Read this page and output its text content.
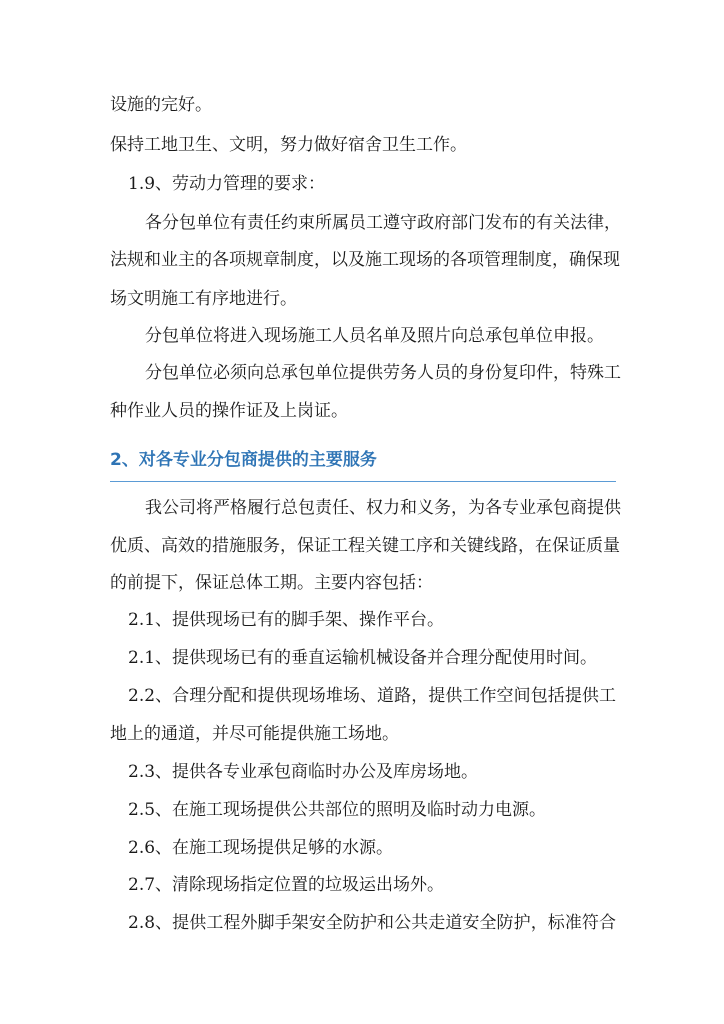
设施的完好。
保持工地卫生、文明，努力做好宿舍卫生工作。
1.9、劳动力管理的要求：
各分包单位有责任约束所属员工遵守政府部门发布的有关法律，
法规和业主的各项规章制度，以及施工现场的各项管理制度，确保现
场文明施工有序地进行。
分包单位将进入现场施工人员名单及照片向总承包单位申报。
分包单位必须向总承包单位提供劳务人员的身份复印件，特殊工
种作业人员的操作证及上岗证。
2、对各专业分包商提供的主要服务
我公司将严格履行总包责任、权力和义务，为各专业承包商提供
优质、高效的措施服务，保证工程关键工序和关键线路，在保证质量
的前提下，保证总体工期。主要内容包括：
2.1、提供现场已有的脚手架、操作平台。
2.1、提供现场已有的垂直运输机械设备并合理分配使用时间。
2.2、合理分配和提供现场堆场、道路，提供工作空间包括提供工
地上的通道，并尽可能提供施工场地。
2.3、提供各专业承包商临时办公及库房场地。
2.5、在施工现场提供公共部位的照明及临时动力电源。
2.6、在施工现场提供足够的水源。
2.7、清除现场指定位置的垃圾运出场外。
2.8、提供工程外脚手架安全防护和公共走道安全防护，标准符合
